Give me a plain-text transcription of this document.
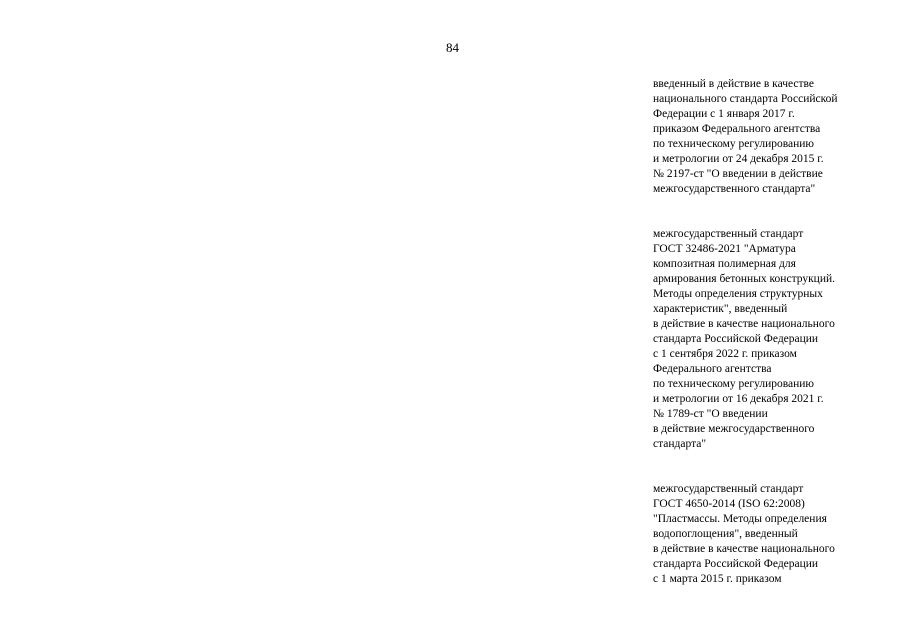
84
введенный в действие в качестве
национального стандарта Российской
Федерации с 1 января 2017 г.
приказом Федерального агентства
по техническому регулированию
и метрологии от 24 декабря 2015 г.
№ 2197-ст "О введении в действие
межгосударственного стандарта"
межгосударственный стандарт
ГОСТ 32486-2021 "Арматура
композитная полимерная для
армирования бетонных конструкций.
Методы определения структурных
характеристик", введенный
в действие в качестве национального
стандарта Российской Федерации
с 1 сентября 2022 г. приказом
Федерального агентства
по техническому регулированию
и метрологии от 16 декабря 2021 г.
№ 1789-ст "О введении
в действие межгосударственного
стандарта"
межгосударственный стандарт
ГОСТ 4650-2014 (ISO 62:2008)
"Пластмассы. Методы определения
водопоглощения", введенный
в действие в качестве национального
стандарта Российской Федерации
с 1 марта 2015 г. приказом
